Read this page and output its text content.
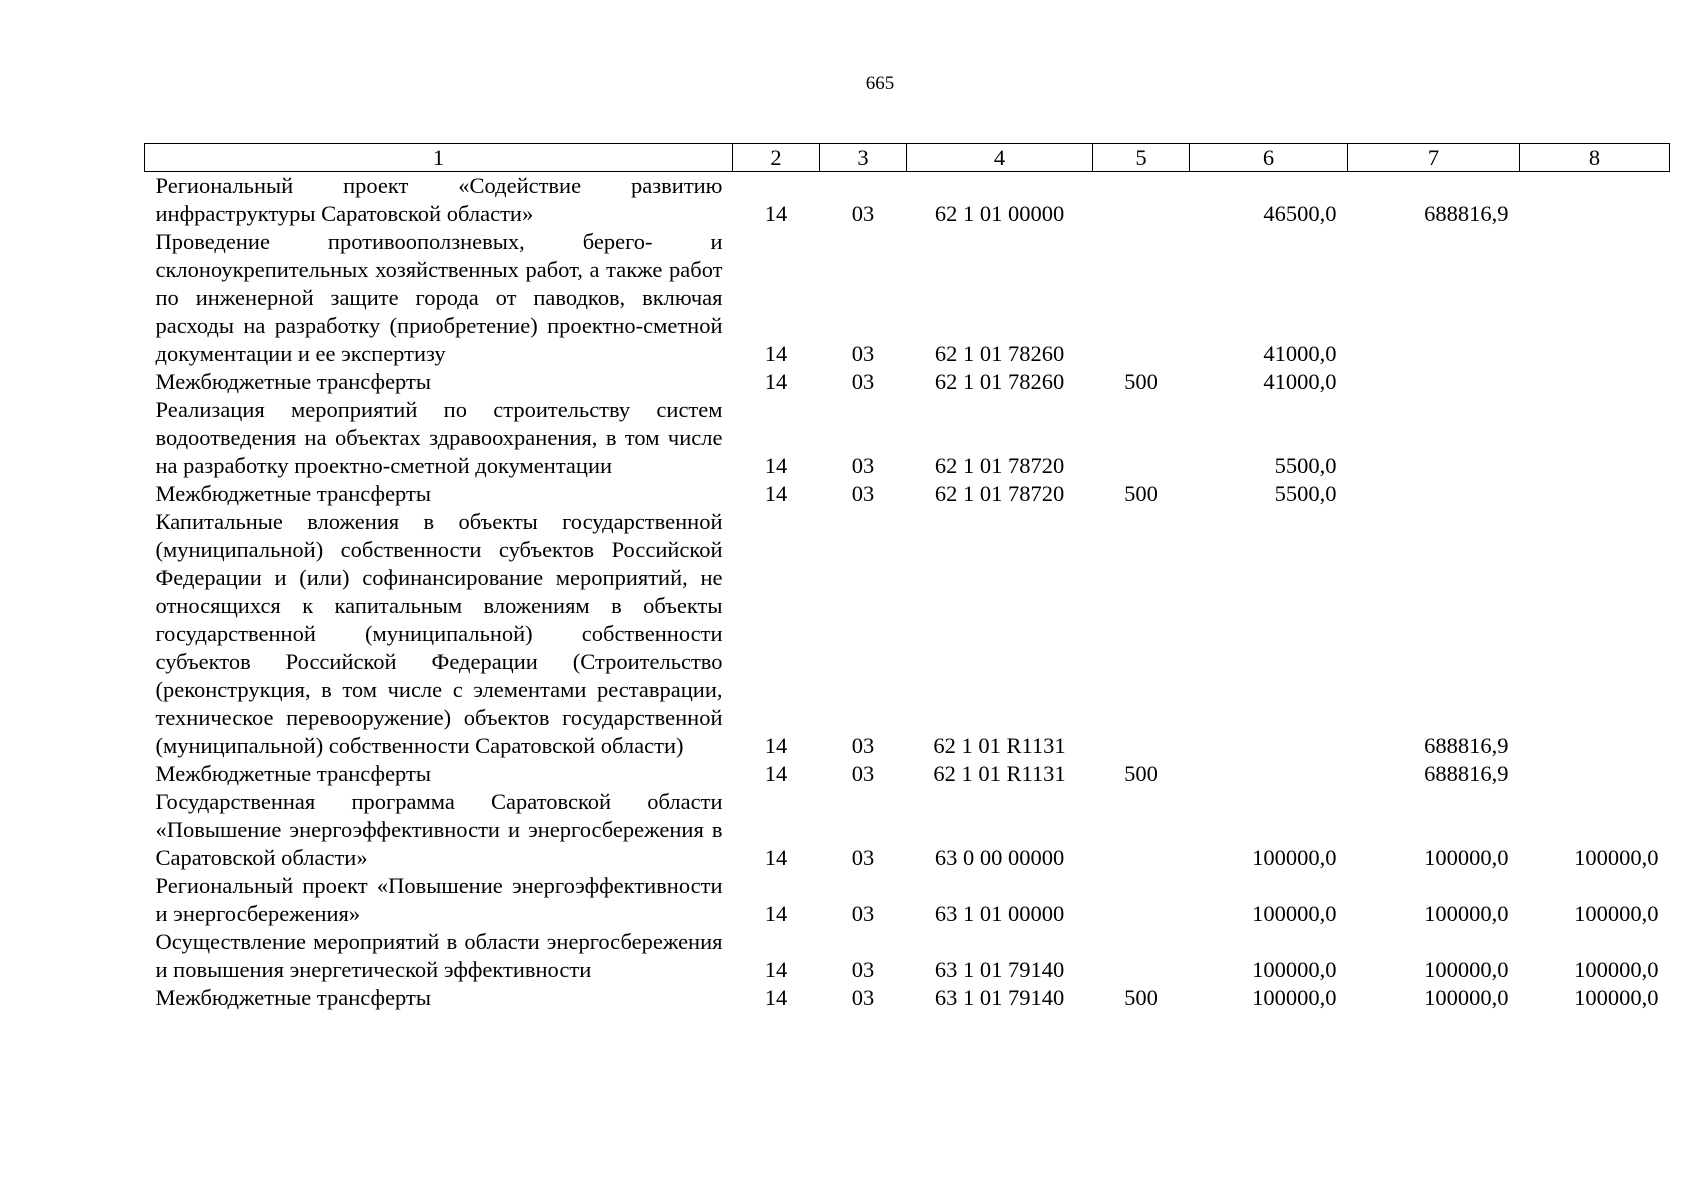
665
1	2	3	4	5	6	7	8
Региональный проект «Содействие развитию инфраструктуры Саратовской области»	14	03	62 1 01 00000		46500,0	688816,9	
Проведение противооползневых, берего- и склоноукрепительных хозяйственных работ, а также работ по инженерной защите города от паводков, включая расходы на разработку (приобретение) проектно-сметной документации и ее экспертизу	14	03	62 1 01 78260		41000,0		
Межбюджетные трансферты	14	03	62 1 01 78260	500	41000,0		
Реализация мероприятий по строительству систем водоотведения на объектах здравоохранения, в том числе на разработку проектно-сметной документации	14	03	62 1 01 78720		5500,0		
Межбюджетные трансферты	14	03	62 1 01 78720	500	5500,0		
Капитальные вложения в объекты государственной (муниципальной) собственности субъектов Российской Федерации и (или) софинансирование мероприятий, не относящихся к капитальным вложениям в объекты государственной (муниципальной) собственности субъектов Российской Федерации (Строительство (реконструкция, в том числе с элементами реставрации, техническое перевооружение) объектов государственной (муниципальной) собственности Саратовской области)	14	03	62 1 01 R1131			688816,9	
Межбюджетные трансферты	14	03	62 1 01 R1131	500		688816,9	
Государственная программа Саратовской области «Повышение энергоэффективности и энергосбережения в Саратовской области»	14	03	63 0 00 00000		100000,0	100000,0	100000,0
Региональный проект «Повышение энергоэффективности и энергосбережения»	14	03	63 1 01 00000		100000,0	100000,0	100000,0
Осуществление мероприятий в области энергосбережения и повышения энергетической эффективности	14	03	63 1 01 79140		100000,0	100000,0	100000,0
Межбюджетные трансферты	14	03	63 1 01 79140	500	100000,0	100000,0	100000,0
